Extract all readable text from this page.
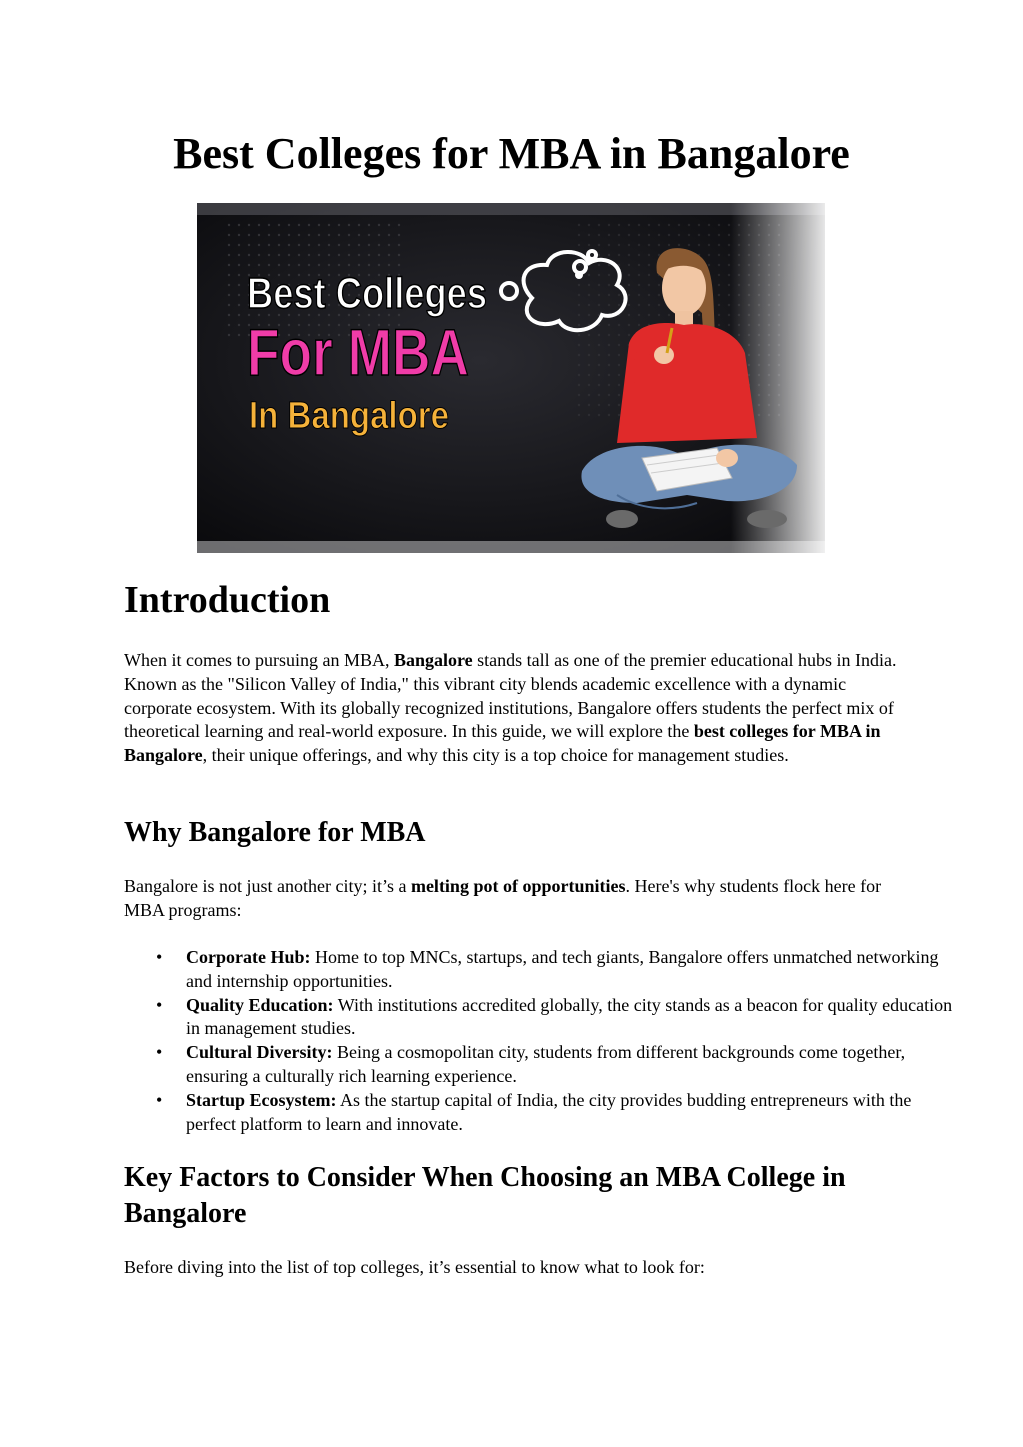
Best Colleges for MBA in Bangalore
Best Colleges
For MBA
In Bangalore
Introduction

When it comes to pursuing an MBA, Bangalore stands tall as one of the premier educational hubs in India. Known as the "Silicon Valley of India," this vibrant city blends academic excellence with a dynamic corporate ecosystem. With its globally recognized institutions, Bangalore offers students the perfect mix of theoretical learning and real-world exposure. In this guide, we will explore the best colleges for MBA in Bangalore, their unique offerings, and why this city is a top choice for management studies.

Why Bangalore for MBA

Bangalore is not just another city; it’s a melting pot of opportunities. Here's why students flock here for MBA programs:

• Corporate Hub: Home to top MNCs, startups, and tech giants, Bangalore offers unmatched networking and internship opportunities.
• Quality Education: With institutions accredited globally, the city stands as a beacon for quality education in management studies.
• Cultural Diversity: Being a cosmopolitan city, students from different backgrounds come together, ensuring a culturally rich learning experience.
• Startup Ecosystem: As the startup capital of India, the city provides budding entrepreneurs with the perfect platform to learn and innovate.
Key Factors to Consider When Choosing an MBA College in Bangalore

Before diving into the list of top colleges, it’s essential to know what to look for:
